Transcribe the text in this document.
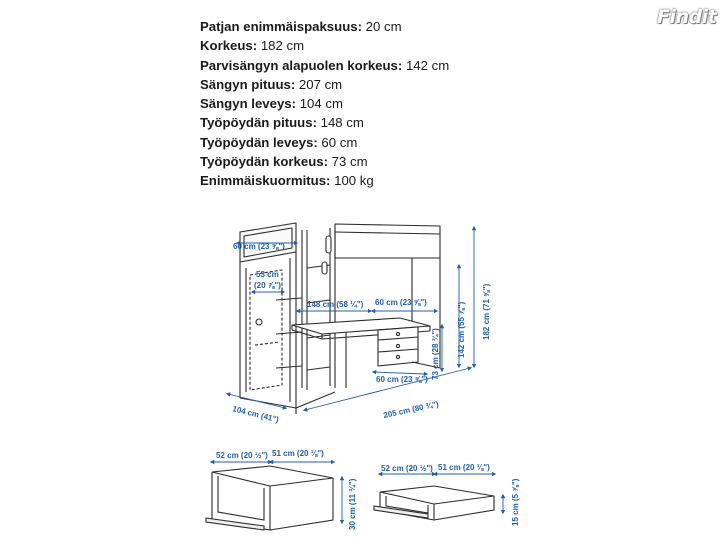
Patjan enimmäispaksuus: 20 cm
Korkeus: 182 cm
Parvisängyn alapuolen korkeus: 142 cm
Sängyn pituus: 207 cm
Sängyn leveys: 104 cm
Työpöydän pituus: 148 cm
Työpöydän leveys: 60 cm
Työpöydän korkeus: 73 cm
Enimmäiskuormitus: 100 kg
Findit
60 cm (23 ⅝")
53 cm
(20 ⅞")
148 cm (58 ¼") 60 cm (23 ⅝")
60 cm (23 ⅝") 73 cm (28 ¾") 142 cm (55 ⅞") 182 cm (71 ⅝")
104 cm (41")	205 cm (80 ¾")
52 cm (20 ½") 51 cm (20 ⅛")
30 cm (11 ¾")
52 cm (20 ½") 51 cm (20 ⅛")
15 cm (5 ⅞")
